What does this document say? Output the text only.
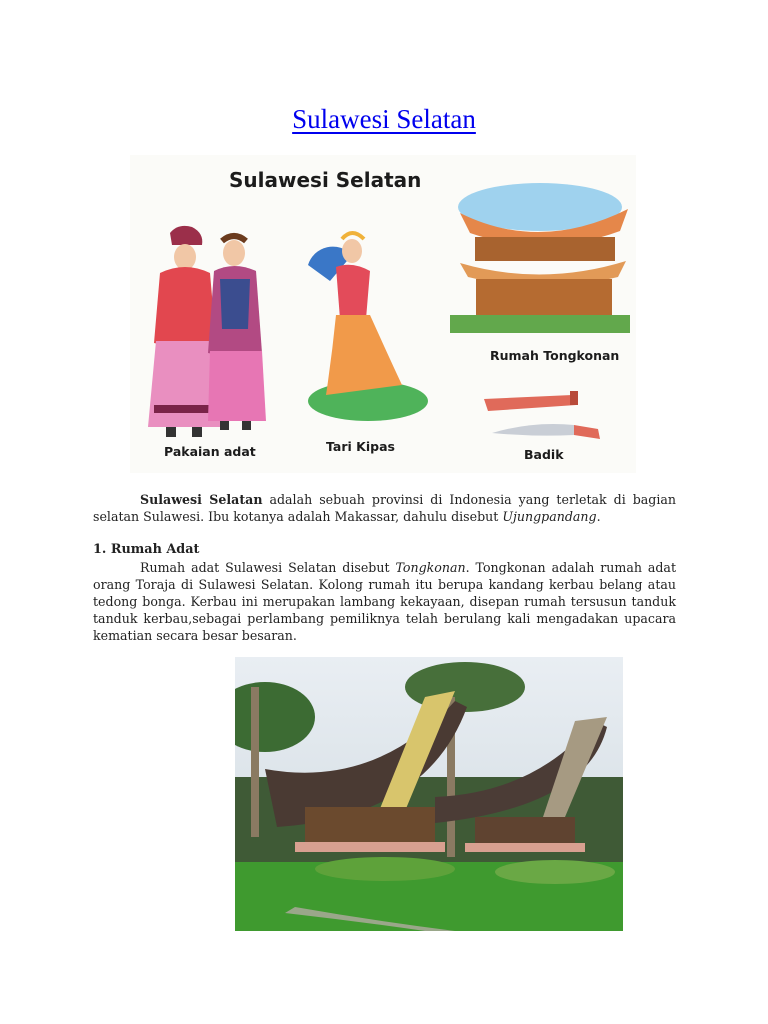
Sulawesi Selatan
Sulawesi Selatan
Pakaian adat	Tari Kipas
Rumah Tongkonan
Badik
Sulawesi Selatan adalah sebuah provinsi di Indonesia yang terletak di bagian selatan Sulawesi. Ibu kotanya adalah Makassar, dahulu disebut Ujungpandang.
1. Rumah Adat
Rumah adat Sulawesi Selatan disebut Tongkonan. Tongkonan adalah rumah adat orang Toraja di Sulawesi Selatan. Kolong rumah itu berupa kandang kerbau belang atau tedong bonga. Kerbau ini merupakan lambang kekayaan, disepan rumah tersusun tanduk tanduk kerbau,sebagai perlambang pemiliknya telah berulang kali mengadakan upacara kematian secara besar besaran.
